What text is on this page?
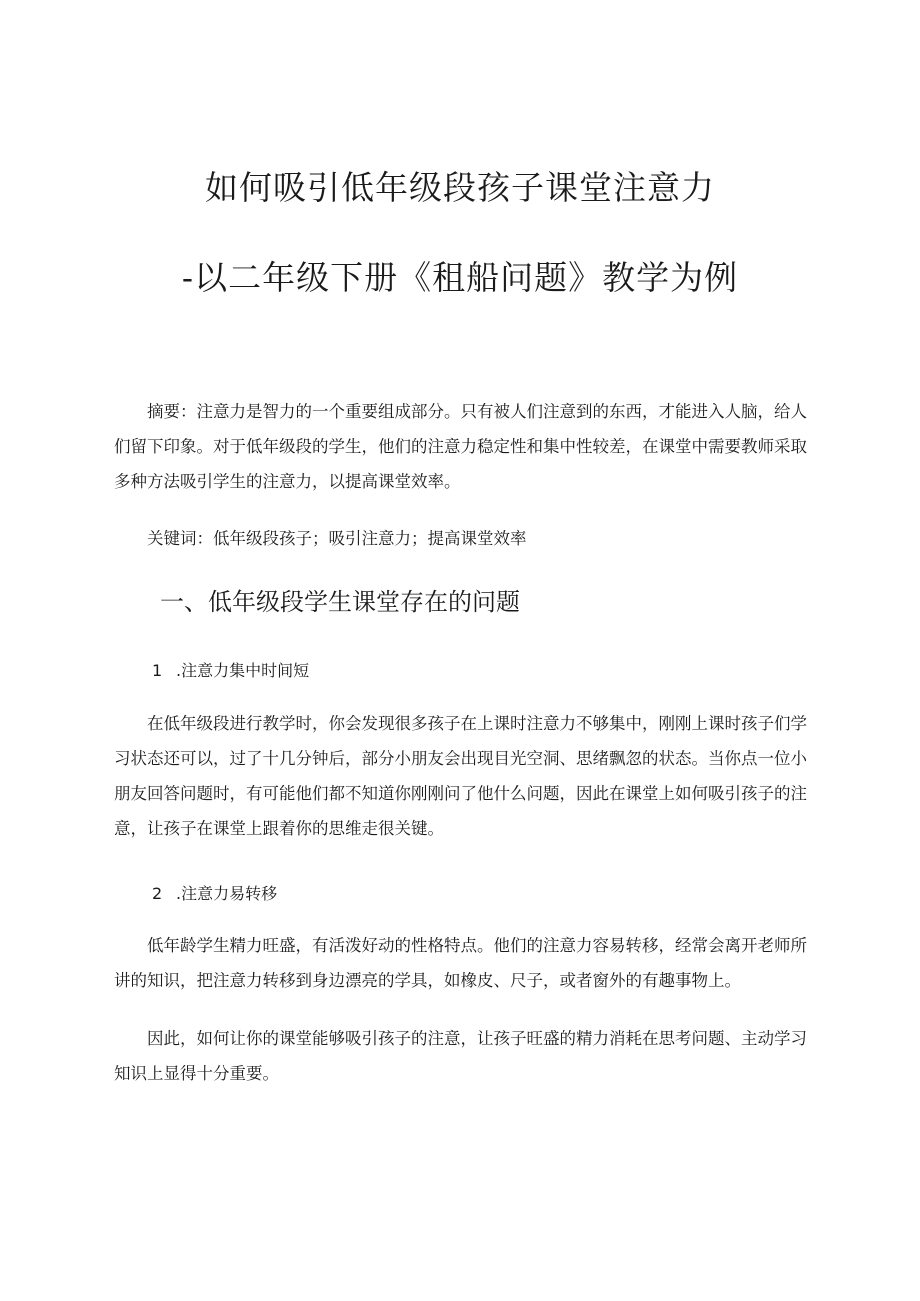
如何吸引低年级段孩子课堂注意力
-以二年级下册《租船问题》教学为例

摘要：注意力是智力的一个重要组成部分。只有被人们注意到的东西，才能进入人脑，给人们留下印象。对于低年级段的学生，他们的注意力稳定性和集中性较差，在课堂中需要教师采取多种方法吸引学生的注意力，以提高课堂效率。

关键词：低年级段孩子；吸引注意力；提高课堂效率

一、低年级段学生课堂存在的问题
1 .注意力集中时间短

在低年级段进行教学时，你会发现很多孩子在上课时注意力不够集中，刚刚上课时孩子们学习状态还可以，过了十几分钟后，部分小朋友会出现目光空洞、思绪飘忽的状态。当你点一位小朋友回答问题时，有可能他们都不知道你刚刚问了他什么问题，因此在课堂上如何吸引孩子的注意，让孩子在课堂上跟着你的思维走很关键。

2 .注意力易转移

低年龄学生精力旺盛，有活泼好动的性格特点。他们的注意力容易转移，经常会离开老师所讲的知识，把注意力转移到身边漂亮的学具，如橡皮、尺子，或者窗外的有趣事物上。

因此，如何让你的课堂能够吸引孩子的注意，让孩子旺盛的精力消耗在思考问题、主动学习知识上显得十分重要。
